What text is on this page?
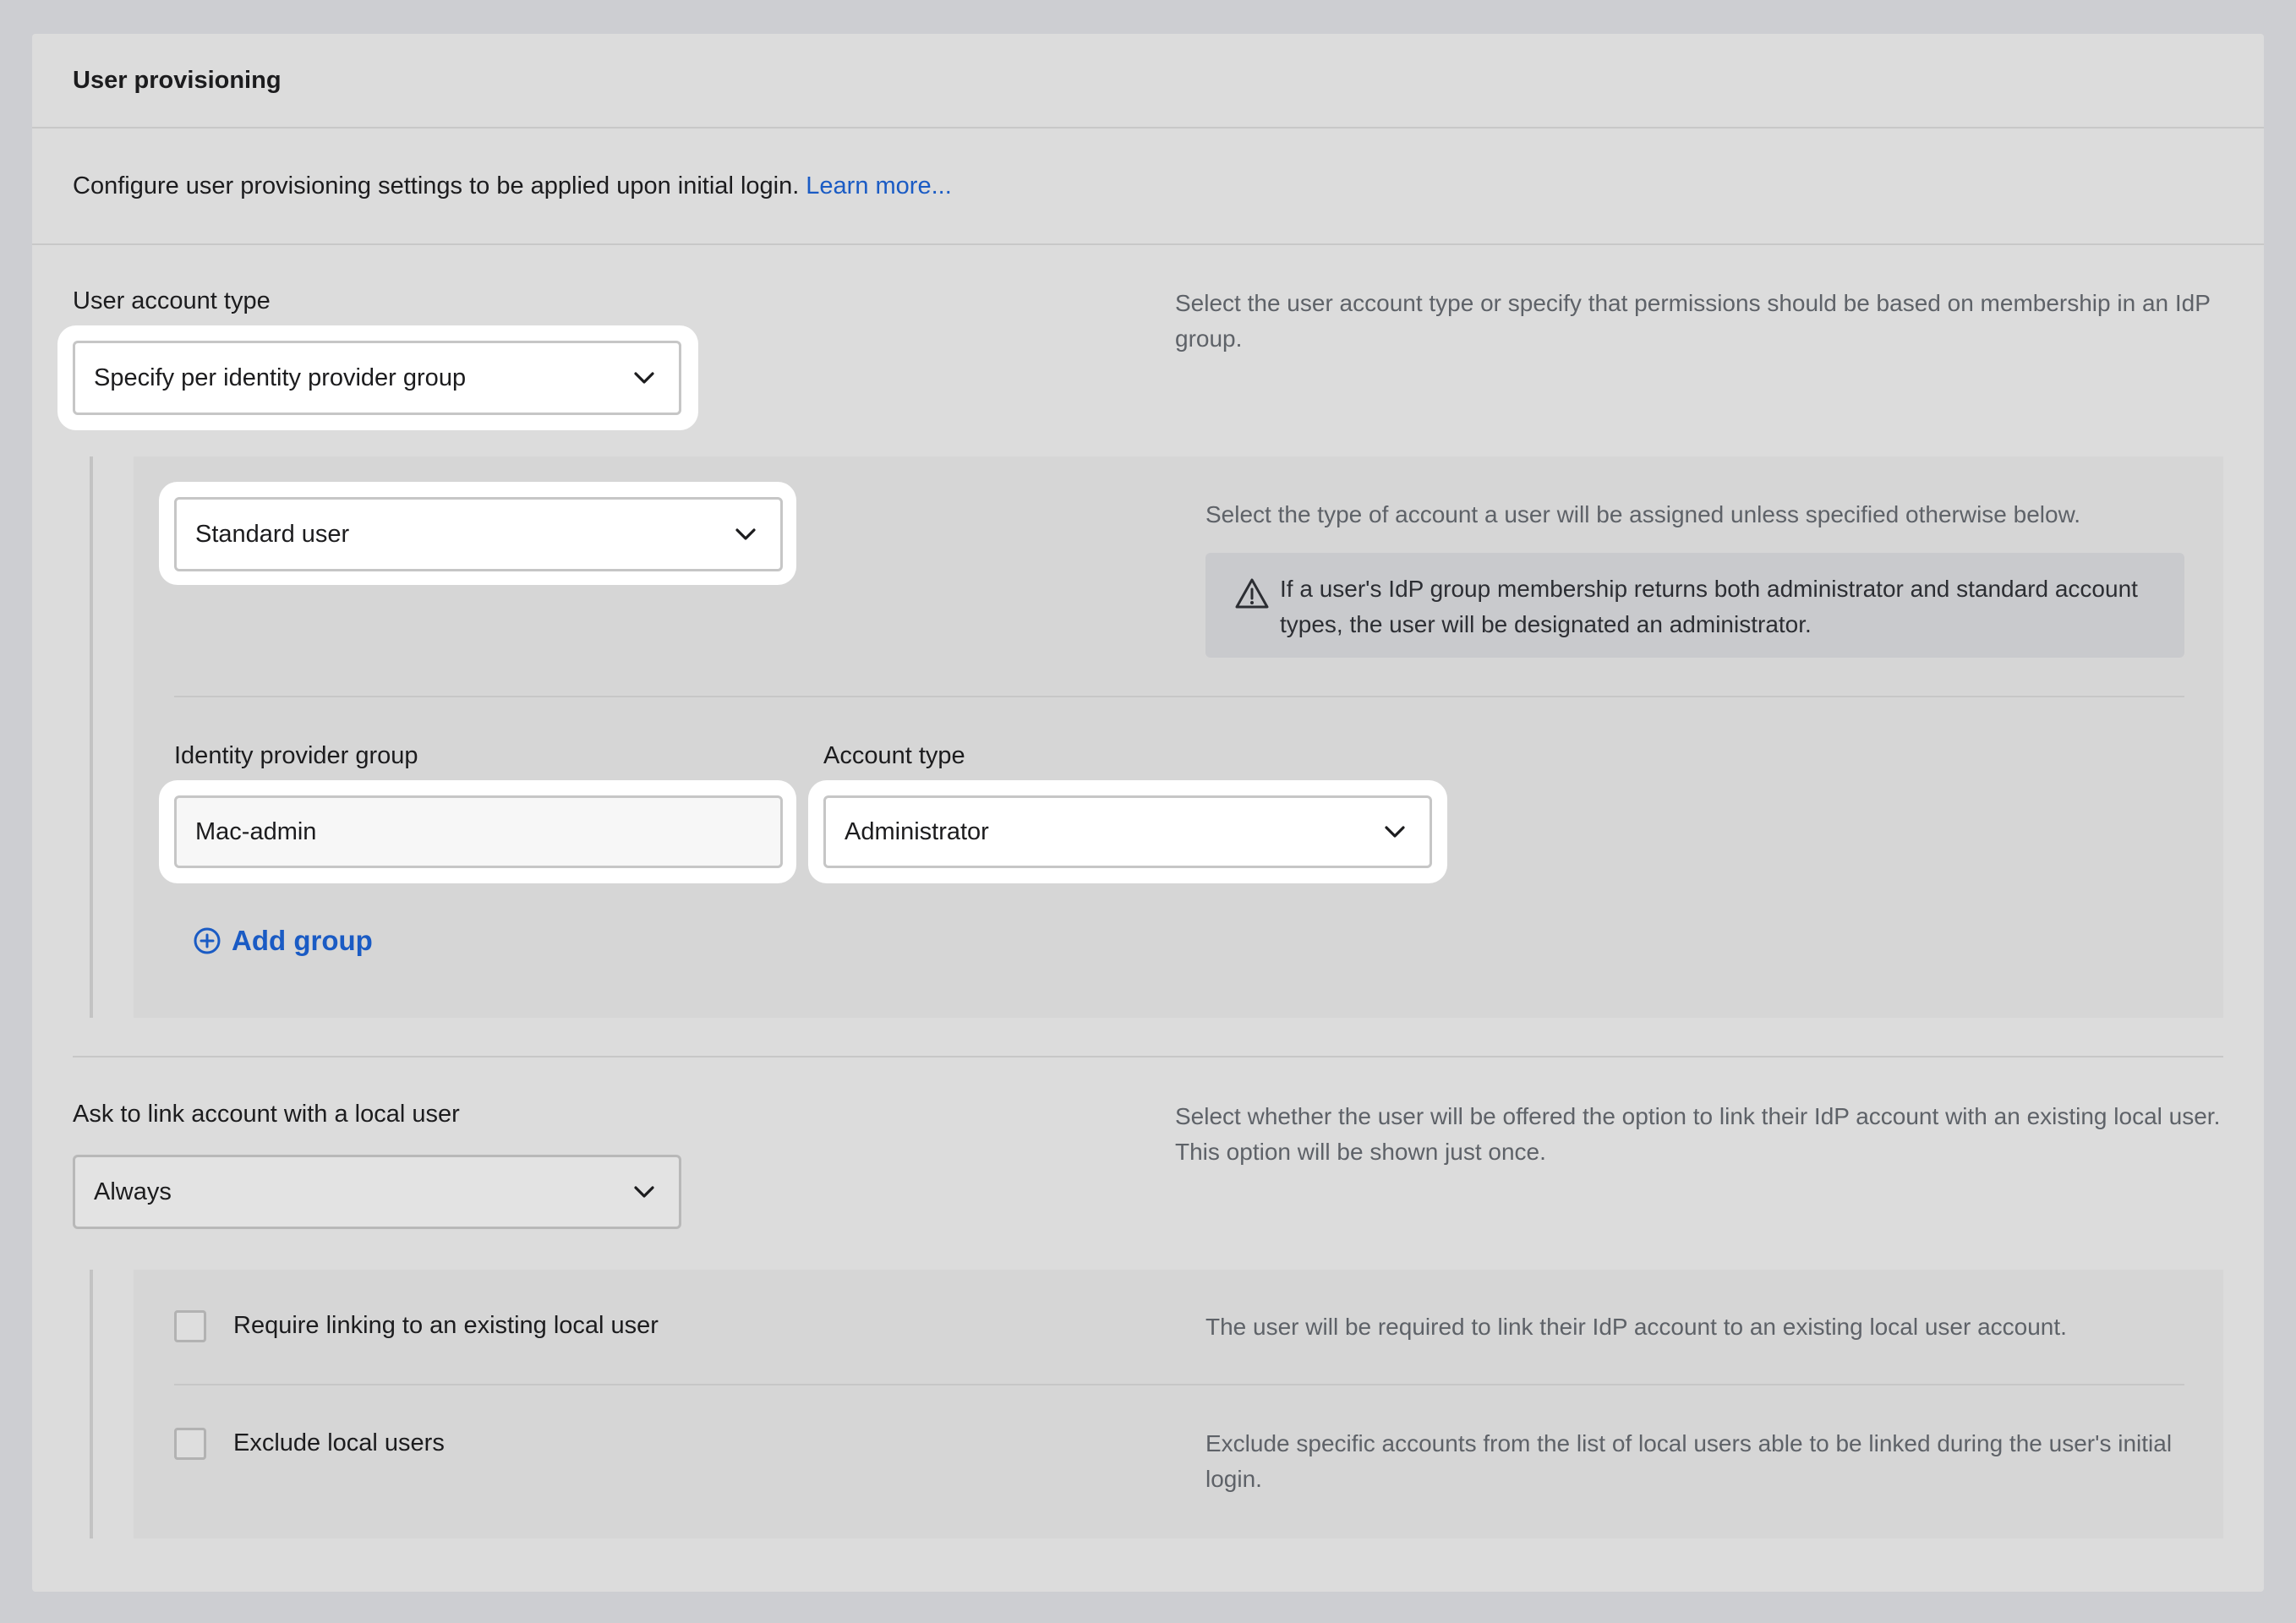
User provisioning
Configure user provisioning settings to be applied upon initial login. Learn more...
User account type
Specify per identity provider group
Select the user account type or specify that permissions should be based on membership in an IdP group.
Standard user
Select the type of account a user will be assigned unless specified otherwise below.
If a user's IdP group membership returns both administrator and standard account types, the user will be designated an administrator.
Identity provider group	Account type
Mac-admin	Administrator
Add group
Ask to link account with a local user
Always
Select whether the user will be offered the option to link their IdP account with an existing local user. This option will be shown just once.
Require linking to an existing local user	The user will be required to link their IdP account to an existing local user account.
Exclude local users	Exclude specific accounts from the list of local users able to be linked during the user's initial login.
